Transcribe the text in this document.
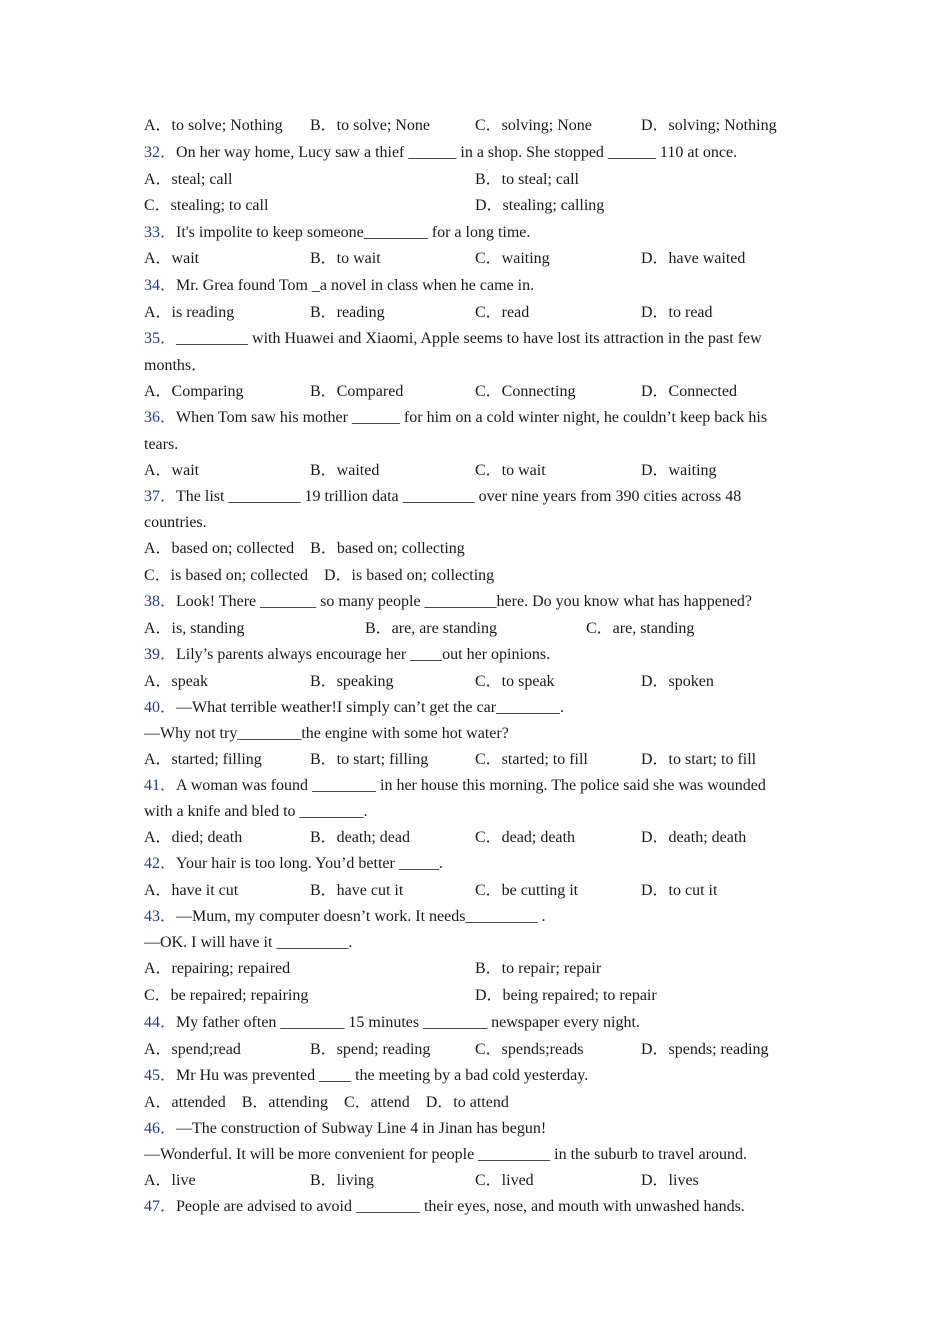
A．to solve; Nothing B．to solve; None	C．solving; None	D．solving; Nothing
32．On her way home, Lucy saw a thief ______ in a shop. She stopped ______ 110 at once.
A．steal; call	B．to steal; call
C．stealing; to call	D．stealing; calling
33．It's impolite to keep someone________ for a long time.
A．wait	B．to wait	C．waiting	D．have waited
34．Mr. Grea found Tom _a novel in class when he came in.
A．is reading	B．reading	C．read	D．to read
35．_________ with Huawei and Xiaomi, Apple seems to have lost its attraction in the past few
months．
A．Comparing	B．Compared	C．Connecting	D．Connected
36．When Tom saw his mother ______ for him on a cold winter night, he couldn’t keep back his
tears.
A．wait	B．waited	C．to wait	D．waiting
37．The list _________ 19 trillion data _________ over nine years from 390 cities across 48
countries.
A．based on; collected    B．based on; collecting
C．is based on; collected    D．is based on; collecting
38．Look! There _______ so many people _________here. Do you know what has happened?
A．is, standing	B．are, are standing	C．are, standing
39．Lily’s parents always encourage her ____out her opinions.
A．speak	B．speaking	C．to speak	D．spoken
40．—What terrible weather!I simply can’t get the car________.
—Why not try________the engine with some hot water?
A．started; filling	B．to start; filling	C．started; to fill	D．to start; to fill
41．A woman was found ________ in her house this morning. The police said she was wounded
with a knife and bled to ________.
A．died; death	B．death; dead	C．dead; death	D．death; death
42．Your hair is too long. You’d better _____.
A．have it cut	B．have cut it	C．be cutting it	D．to cut it
43．—Mum, my computer doesn’t work. It needs_________ .
—OK. I will have it _________.
A．repairing; repaired	B．to repair; repair
C．be repaired; repairing	D．being repaired; to repair
44．My father often ________ 15 minutes ________ newspaper every night.
A．spend;read	B．spend; reading	C．spends;reads	D．spends; reading
45．Mr Hu was prevented ____ the meeting by a bad cold yesterday.
A．attended    B．attending    C．attend    D．to attend
46．—The construction of Subway Line 4 in Jinan has begun!
—Wonderful. It will be more convenient for people _________ in the suburb to travel around.
A．live	B．living	C．lived	D．lives
47．People are advised to avoid ________ their eyes, nose, and mouth with unwashed hands.
